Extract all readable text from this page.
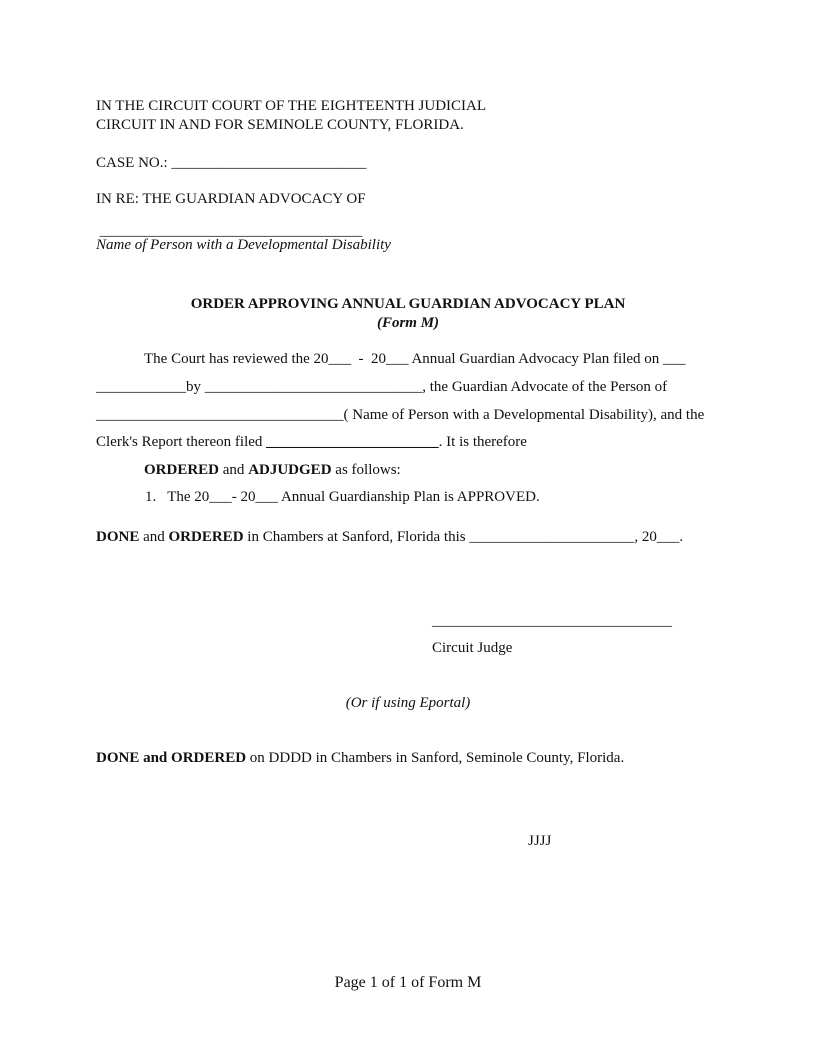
IN THE CIRCUIT COURT OF THE EIGHTEENTH JUDICIAL
CIRCUIT IN AND FOR SEMINOLE COUNTY, FLORIDA.
CASE NO.: __________________________
IN RE: THE GUARDIAN ADVOCACY OF
___________________________________
Name of Person with a Developmental Disability
ORDER APPROVING ANNUAL GUARDIAN ADVOCACY PLAN
(Form M)
The Court has reviewed the 20___  -  20___ Annual Guardian Advocacy Plan filed on ___
____________by _____________________________, the Guardian Advocate of the Person of
_________________________________( Name of Person with a Developmental Disability), and the
Clerk's Report thereon filed _______________________. It is therefore
ORDERED and ADJUDGED as follows:
1.   The 20___- 20___ Annual Guardianship Plan is APPROVED.
DONE and ORDERED in Chambers at Sanford, Florida this ______________________, 20___.
________________________________
Circuit Judge
(Or if using Eportal)
DONE and ORDERED on DDDD in Chambers in Sanford, Seminole County, Florida.
JJJJ
Page 1 of 1 of Form M
